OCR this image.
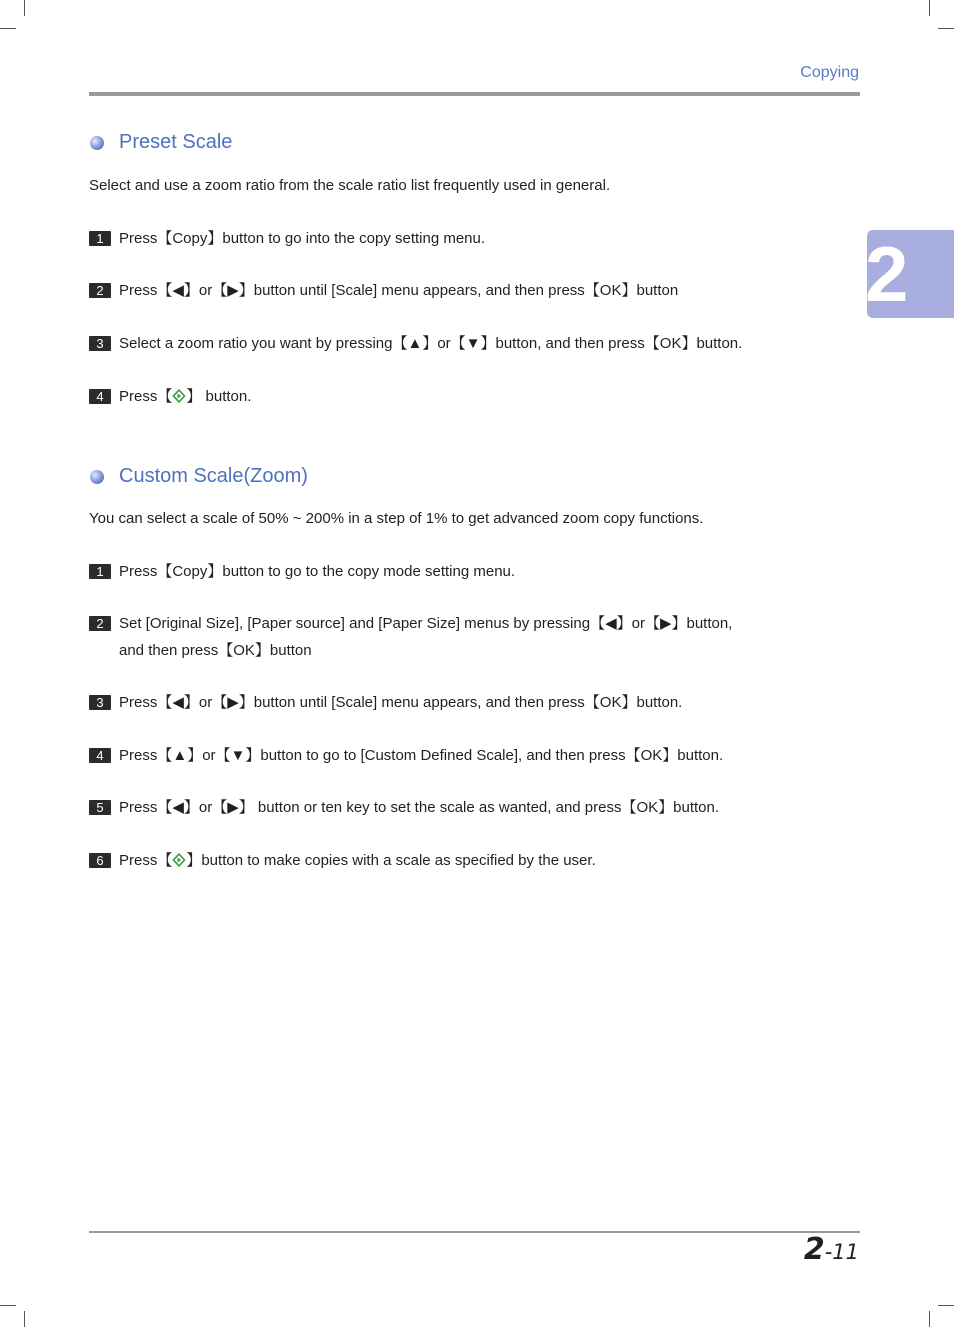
Copying
2
Preset Scale
Select and use a zoom ratio from the scale ratio list frequently used in general.
1	Press【Copy】button to go into the copy setting menu.
2	Press【◀】or【▶】button until [Scale] menu appears, and then press【OK】button
3	Select a zoom ratio you want by pressing【▲】or【▼】button, and then press【OK】button.
4	Press【 】 button.
Custom Scale(Zoom)
You can select a scale of 50% ~ 200% in a step of 1% to get advanced zoom copy functions.
1	Press【Copy】button to go to the copy mode setting menu.
2	Set [Original Size], [Paper source] and [Paper Size] menus by pressing【◀】or【▶】button,
and then press【OK】button
3	Press【◀】or【▶】button until [Scale] menu appears, and then press【OK】button.
4	Press【▲】or【▼】button to go to [Custom Defined Scale], and then press【OK】button.
5	Press【◀】or【▶】 button or ten key to set the scale as wanted, and press【OK】button.
6	Press【 】button to make copies with a scale as specified by the user.
2-11
